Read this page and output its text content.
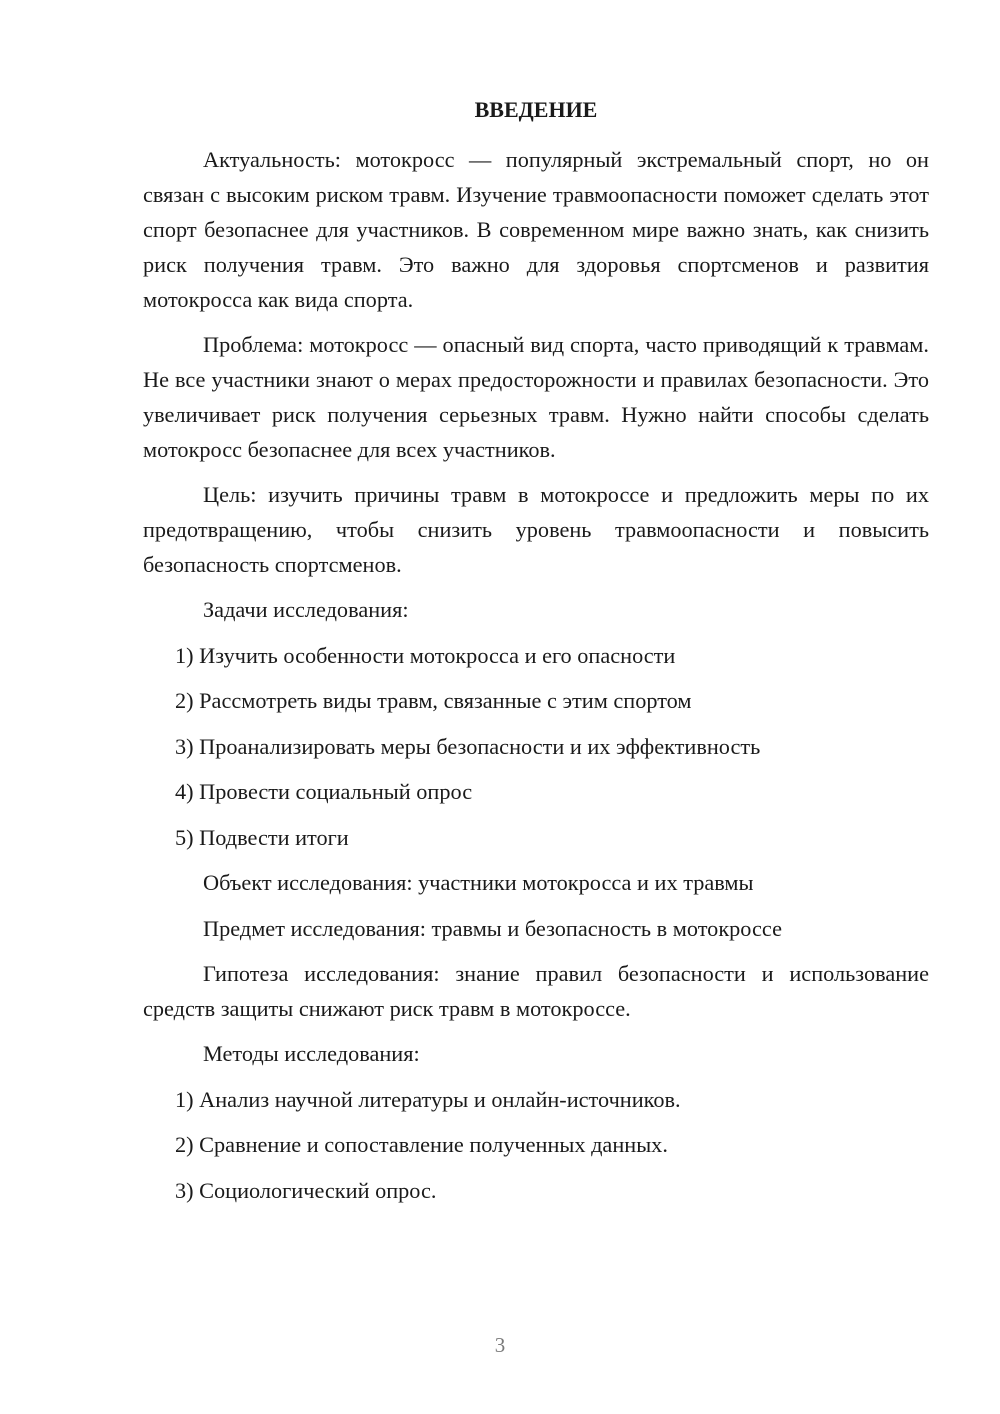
ВВЕДЕНИЕ

Актуальность: мотокросс — популярный экстремальный спорт, но он связан с высоким риском травм. Изучение травмоопасности поможет сделать этот спорт безопаснее для участников. В современном мире важно знать, как снизить риск получения травм. Это важно для здоровья спортсменов и развития мотокросса как вида спорта.

Проблема: мотокросс — опасный вид спорта, часто приводящий к травмам. Не все участники знают о мерах предосторожности и правилах безопасности. Это увеличивает риск получения серьезных травм. Нужно найти способы сделать мотокросс безопаснее для всех участников.

Цель: изучить причины травм в мотокроссе и предложить меры по их предотвращению, чтобы снизить уровень травмоопасности и повысить безопасность спортсменов.

Задачи исследования:

1) Изучить особенности мотокросса и его опасности

2) Рассмотреть виды травм, связанные с этим спортом

3) Проанализировать меры безопасности и их эффективность

4) Провести социальный опрос

5) Подвести итоги

Объект исследования: участники мотокросса и их травмы

Предмет исследования: травмы и безопасность в мотокроссе

Гипотеза исследования: знание правил безопасности и использование средств защиты снижают риск травм в мотокроссе.

Методы исследования:

1) Анализ научной литературы и онлайн-источников.

2) Сравнение и сопоставление полученных данных.

3) Социологический опрос.

3
